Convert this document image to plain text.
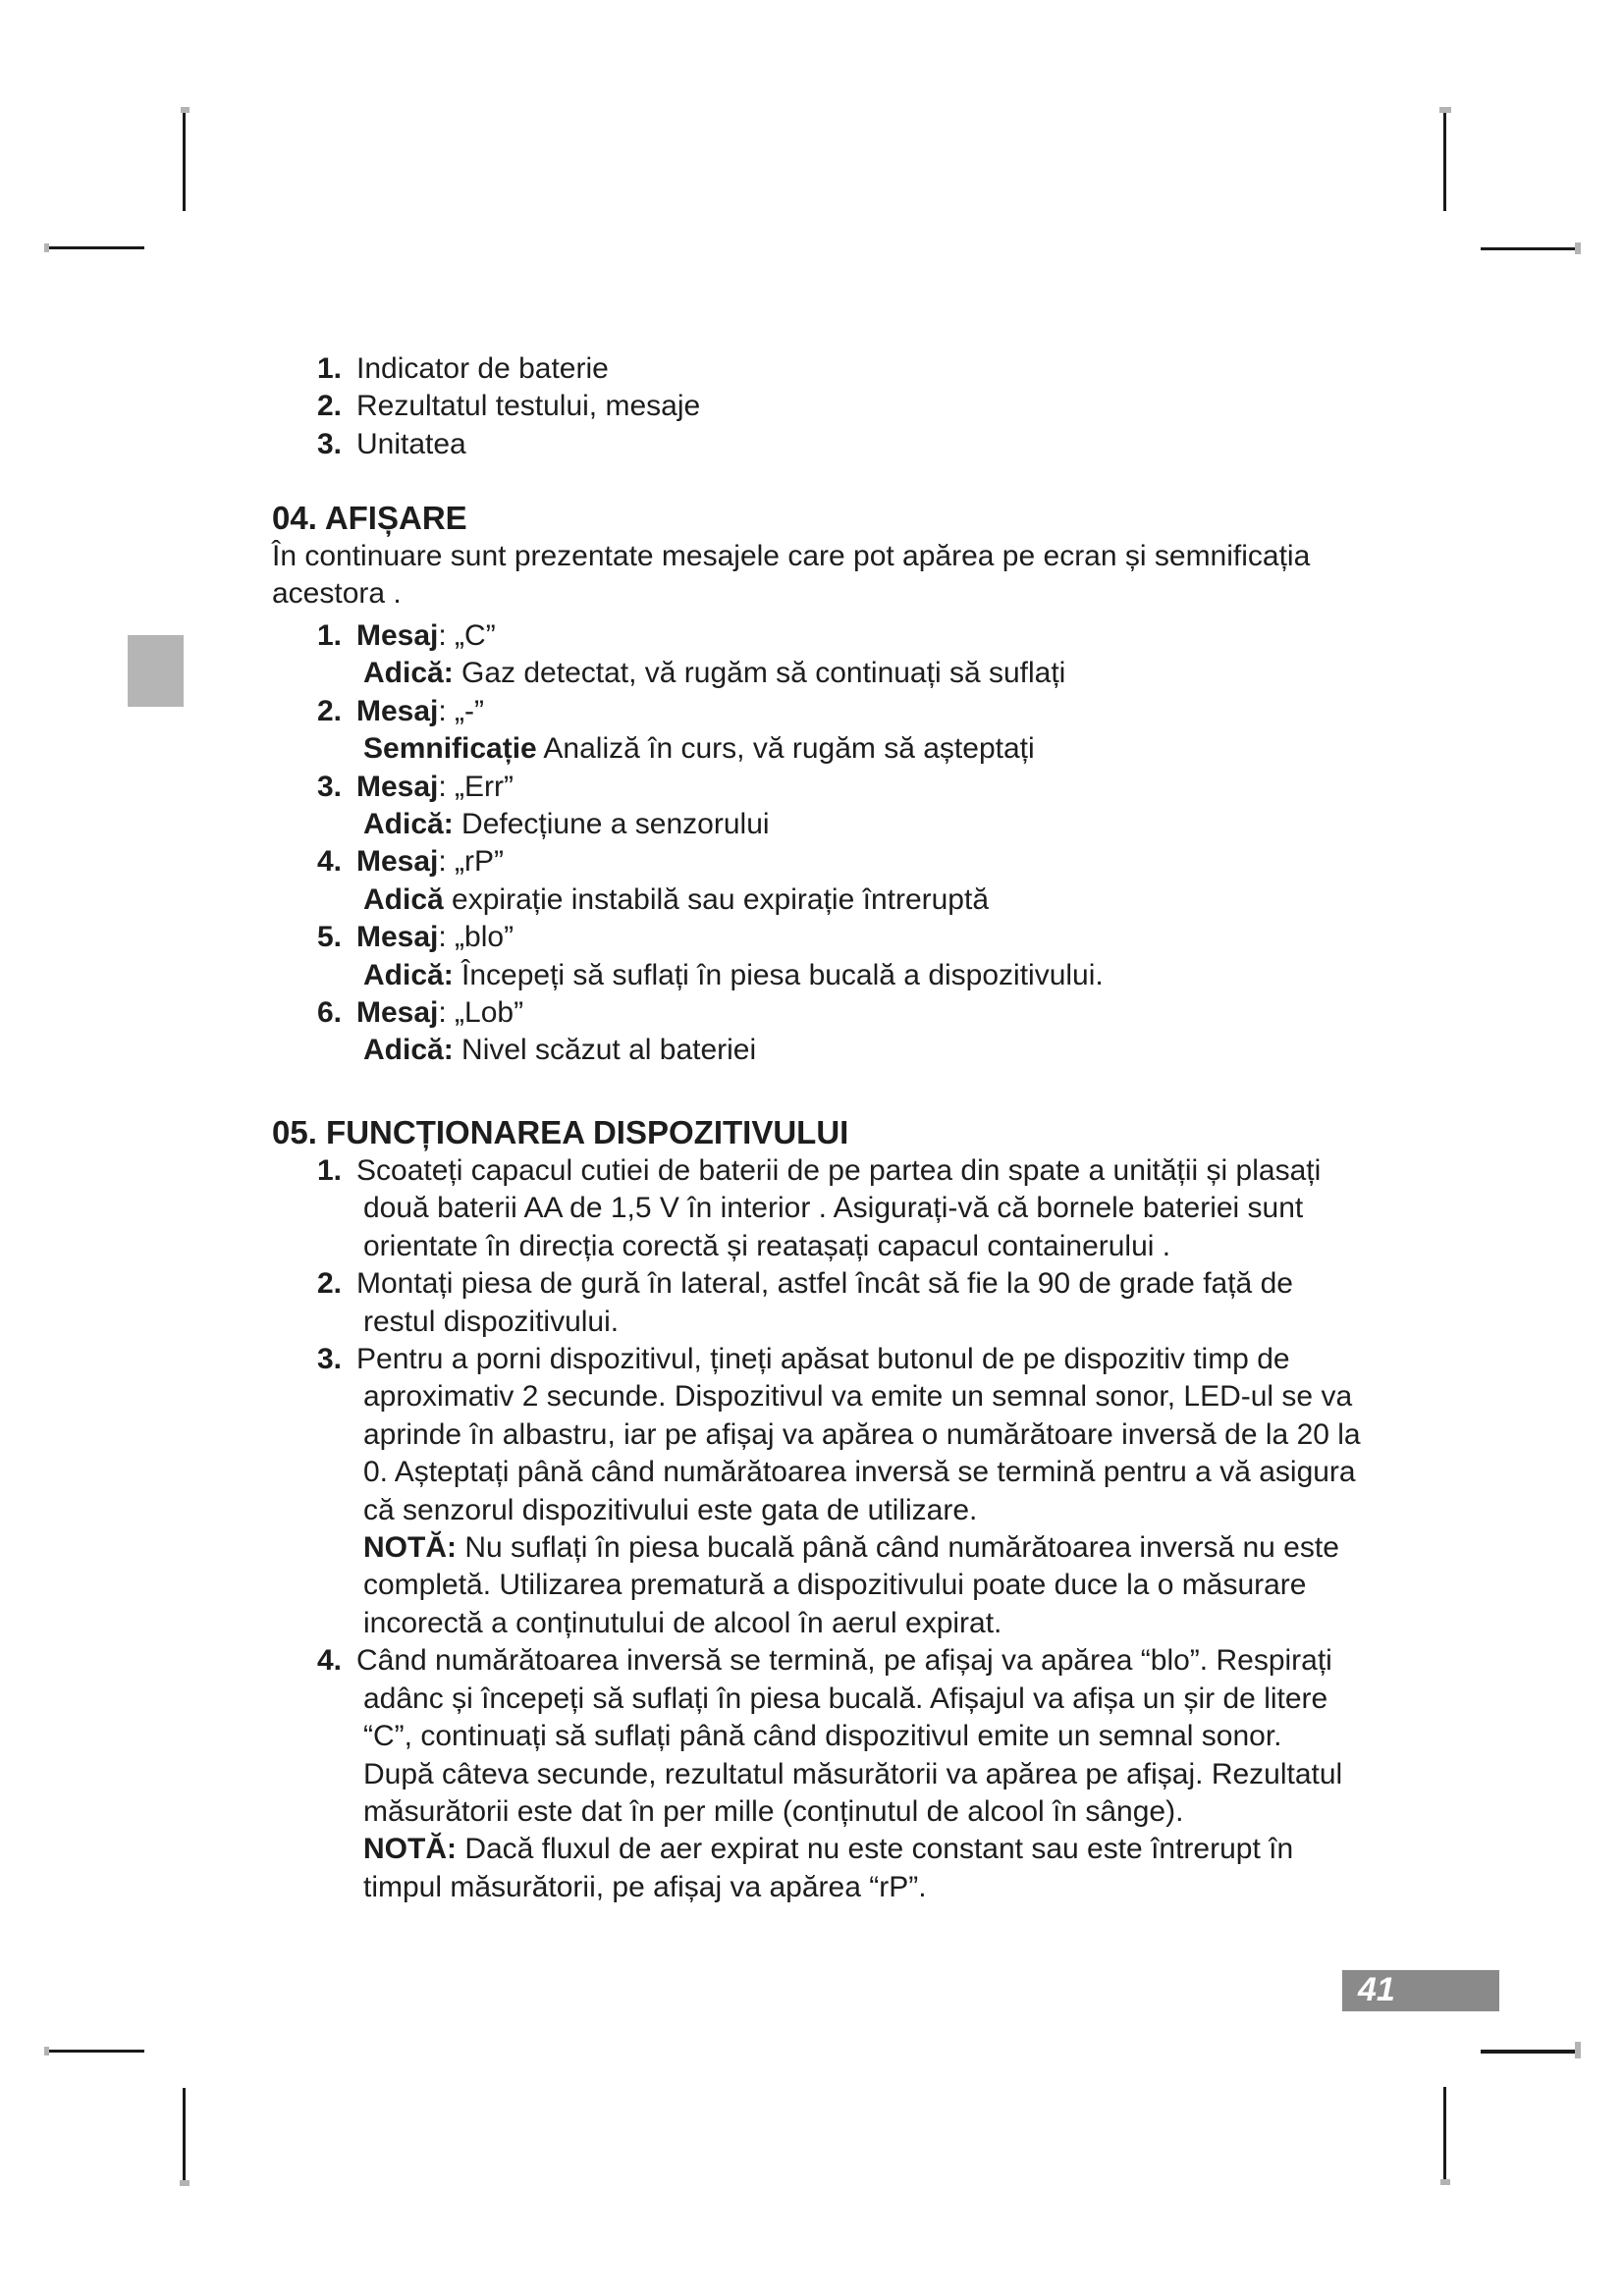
1. Indicator de baterie
2. Rezultatul testului, mesaje
3. Unitatea
04. AFIȘARE
În continuare sunt prezentate mesajele care pot apărea pe ecran și semnificația
acestora .
1. Mesaj: „C”
Adică: Gaz detectat, vă rugăm să continuați să suflați
2. Mesaj: „-”
Semnificație Analiză în curs, vă rugăm să așteptați
3. Mesaj: „Err”
Adică: Defecțiune a senzorului
4. Mesaj: „rP”
Adică expirație instabilă sau expirație întreruptă
5. Mesaj: „blo”
Adică: Începeți să suflați în piesa bucală a dispozitivului.
6. Mesaj: „Lob”
Adică: Nivel scăzut al bateriei
05. FUNCȚIONAREA DISPOZITIVULUI
1. Scoateți capacul cutiei de baterii de pe partea din spate a unității și plasați
două baterii AA de 1,5 V în interior . Asigurați-vă că bornele bateriei sunt
orientate în direcția corectă și reatașați capacul containerului .
2. Montați piesa de gură în lateral, astfel încât să fie la 90 de grade față de
restul dispozitivului.
3. Pentru a porni dispozitivul, țineți apăsat butonul de pe dispozitiv timp de
aproximativ 2 secunde. Dispozitivul va emite un semnal sonor, LED-ul se va
aprinde în albastru, iar pe afișaj va apărea o numărătoare inversă de la 20 la
0. Așteptați până când numărătoarea inversă se termină pentru a vă asigura
că senzorul dispozitivului este gata de utilizare.
NOTĂ: Nu suflați în piesa bucală până când numărătoarea inversă nu este
completă. Utilizarea prematură a dispozitivului poate duce la o măsurare
incorectă a conținutului de alcool în aerul expirat.
4. Când numărătoarea inversă se termină, pe afișaj va apărea “blo”. Respirați
adânc și începeți să suflați în piesa bucală. Afișajul va afișa un șir de litere
“C”, continuați să suflați până când dispozitivul emite un semnal sonor.
După câteva secunde, rezultatul măsurătorii va apărea pe afișaj. Rezultatul
măsurătorii este dat în per mille (conținutul de alcool în sânge).
NOTĂ: Dacă fluxul de aer expirat nu este constant sau este întrerupt în
timpul măsurătorii, pe afișaj va apărea “rP”.
41
